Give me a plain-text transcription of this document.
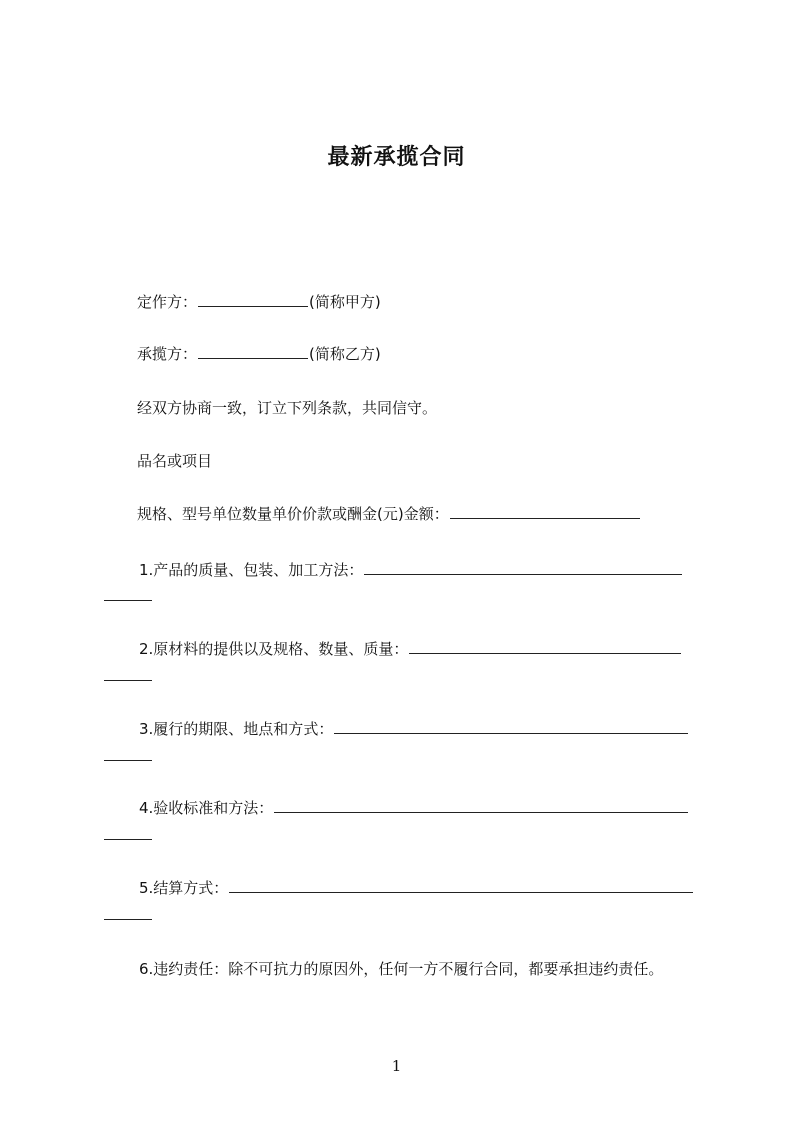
最新承揽合同
定作方：	(简称甲方)
承揽方：	(简称乙方)
经双方协商一致，订立下列条款，共同信守。
品名或项目
规格、型号单位数量单价价款或酬金(元)金额：
1.产品的质量、包装、加工方法：
2.原材料的提供以及规格、数量、质量：
3.履行的期限、地点和方式：
4.验收标准和方法：
5.结算方式：
6.违约责任：除不可抗力的原因外，任何一方不履行合同，都要承担违约责任。
1
